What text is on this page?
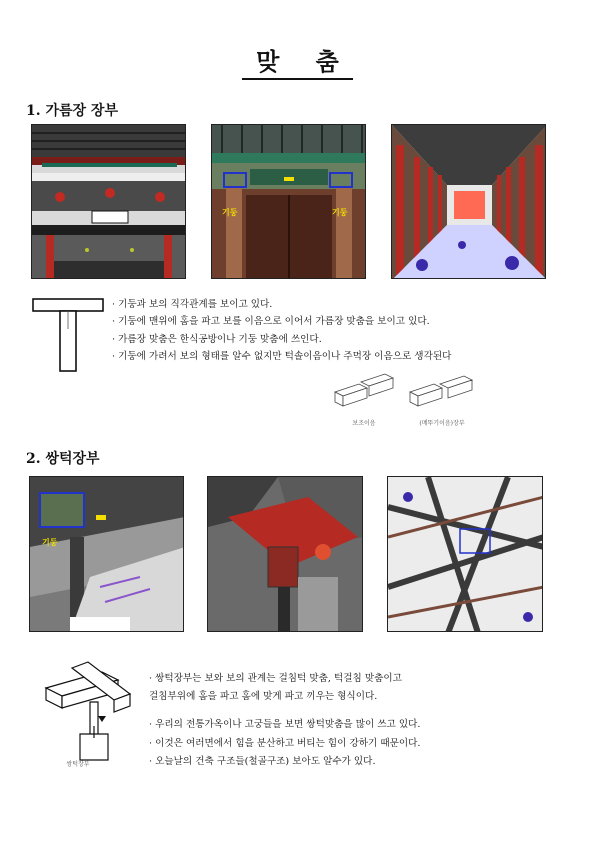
맞 춤
1. 가름장 장부
기둥	기둥
· 기둥과 보의 직각관계를 보이고 있다.
· 기둥에 맨위에 홈을 파고 보를 이음으로 이어서 가름장 맞춤을 보이고 있다.
· 가름장 맞춤은 한식공방이나 기둥 맞춤에 쓰인다.
· 기둥에 가려서 보의 형태를 알수 없지만 턱솔이음이나 주먹장 이음으로 생각된다
보조이음	(메뚜기이음)장부
2. 쌍턱장부
기둥
쌍턱장부
· 쌍턱장부는 보와 보의 관계는 걸침턱 맞춤, 턱걸침 맞춤이고
걸침부위에 홈을 파고 홈에 맞게 파고 끼우는 형식이다.
· 우리의 전통가옥이나 고궁들을 보면 쌍턱맞춤을 많이 쓰고 있다.
· 이것은 여러면에서 힘을 분산하고 버티는 힘이 강하기 때문이다.
· 오늘날의 건축 구조들(철골구조) 보아도 알수가 있다.
